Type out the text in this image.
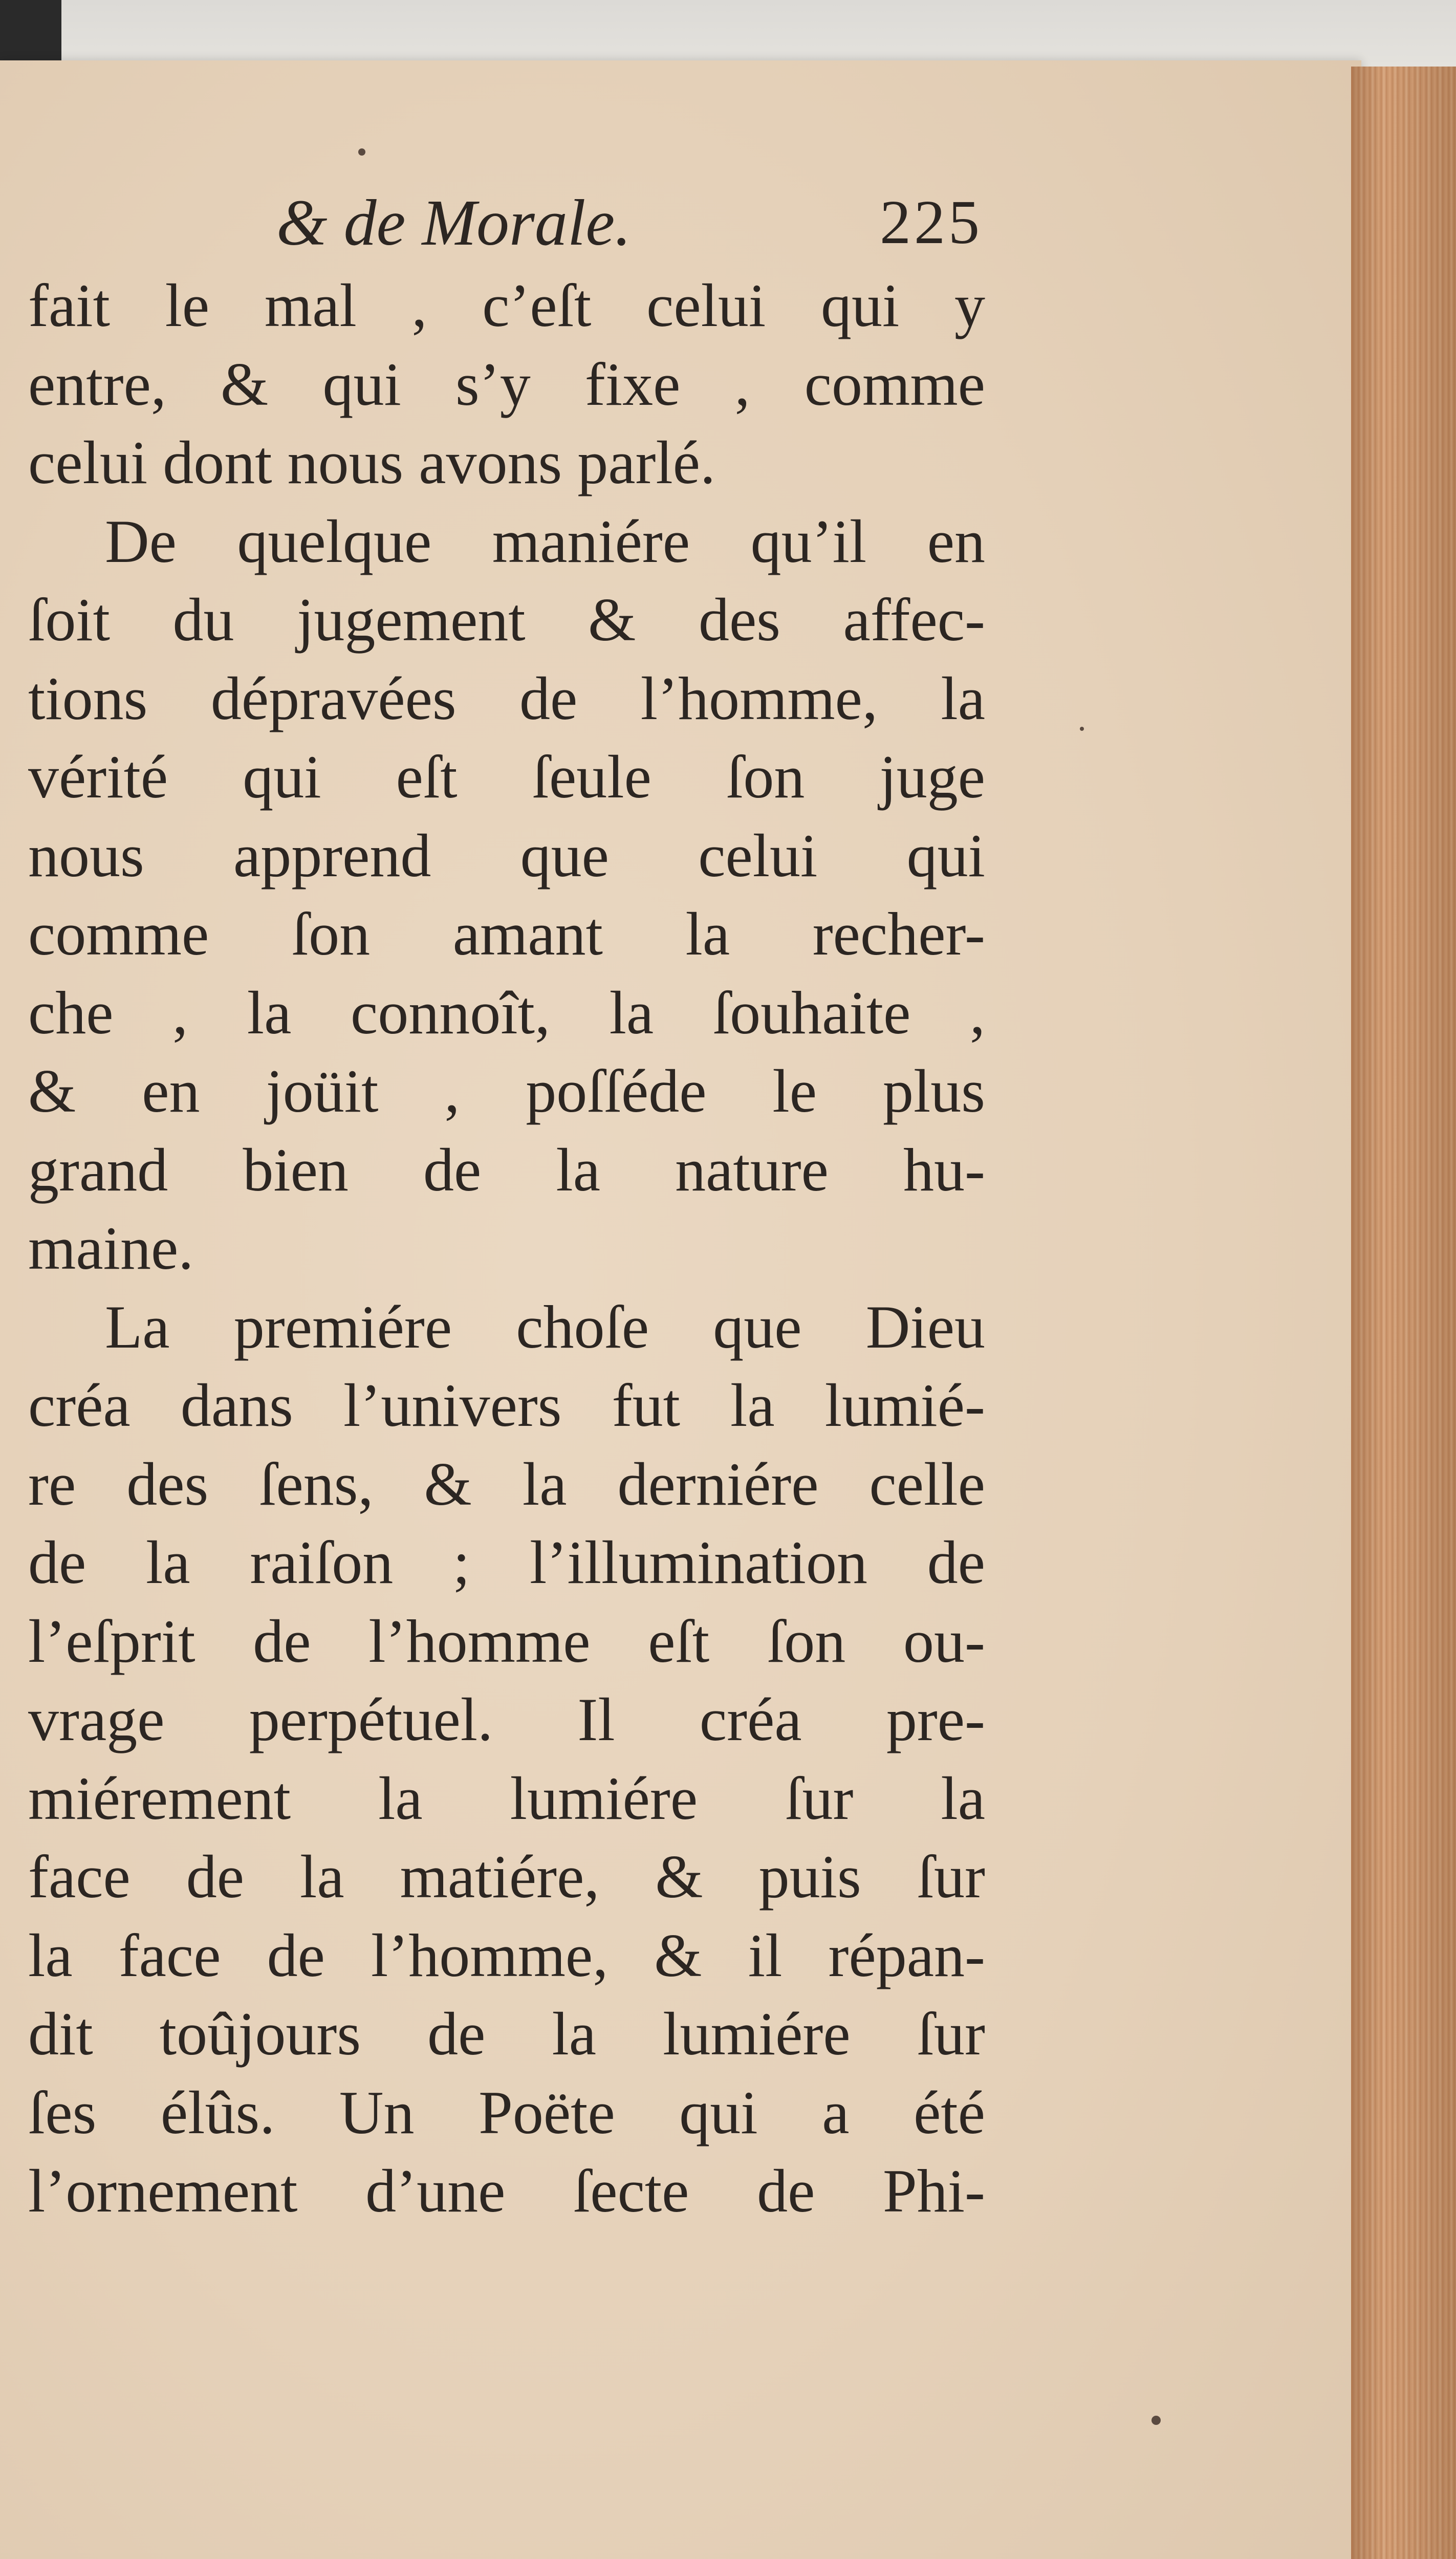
& de Morale.	225
fait le mal , c’eſt celui qui y
entre, & qui s’y fixe , comme
celui dont nous avons parlé.
De quelque maniére qu’il en
ſoit du jugement & des affec-
tions dépravées de l’homme, la
vérité qui eſt ſeule ſon juge
nous apprend que celui qui
comme ſon amant la recher-
che , la connoît, la ſouhaite ,
& en joüit , poſſéde le plus
grand bien de la nature hu-
maine.
La premiére choſe que Dieu
créa dans l’univers fut la lumié-
re des ſens, & la derniére celle
de la raiſon ; l’illumination de
l’eſprit de l’homme eſt ſon ou-
vrage perpétuel. Il créa pre-
miérement la lumiére ſur la
face de la matiére, & puis ſur
la face de l’homme, & il répan-
dit toûjours de la lumiére ſur
ſes élûs. Un Poëte qui a été
l’ornement d’une ſecte de Phi-
